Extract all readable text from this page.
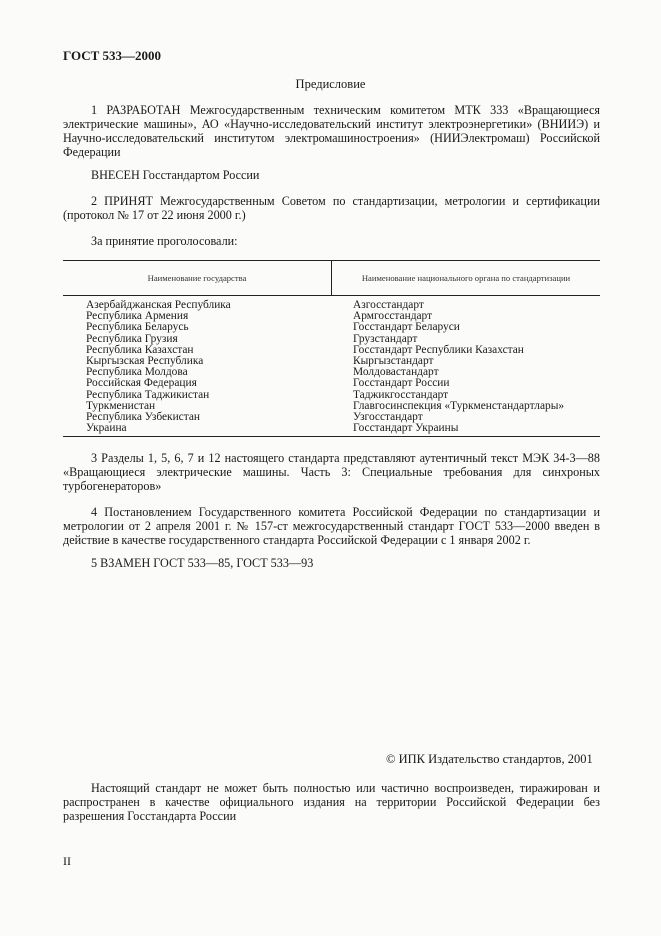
ГОСТ 533—2000
Предисловие

1 РАЗРАБОТАН Межгосударственным техническим комитетом МТК 333 «Вращающиеся электрические машины», АО «Научно-исследовательский институт электроэнергетики» (ВНИИЭ) и Научно-исследовательский институтом электромашиностроения» (НИИЭлектромаш) Российской Федерации

ВНЕСЕН Госстандартом России

2 ПРИНЯТ Межгосударственным Советом по стандартизации, метрологии и сертификации (протокол № 17 от 22 июня 2000 г.)

За принятие проголосовали:

Наименование государства	Наименование национального органа по стандартизации
Азербайджанская Республика
Республика Армения
Республика Беларусь
Республика Грузия
Республика Казахстан
Кыргызская Республика
Республика Молдова
Российская Федерация
Республика Таджикистан
Туркменистан
Республика Узбекистан
Украина
Азгосстандарт
Армгосстандарт
Госстандарт Беларуси
Грузстандарт
Госстандарт Республики Казахстан
Кыргызстандарт
Молдовастандарт
Госстандарт России
Таджикгосстандарт
Главгосинспекция «Туркменстандартлары»
Узгосстандарт
Госстандарт Украины

3 Разделы 1, 5, 6, 7 и 12 настоящего стандарта представляют аутентичный текст МЭК 34-3—88 «Вращающиеся электрические машины. Часть 3: Специальные требования для синхроных турбогенераторов»

4 Постановлением Государственного комитета Российской Федерации по стандартизации и метрологии от 2 апреля 2001 г. № 157-ст межгосударственный стандарт ГОСТ 533—2000 введен в действие в качестве государственного стандарта Российской Федерации с 1 января 2002 г.

5 ВЗАМЕН ГОСТ 533—85, ГОСТ 533—93

© ИПК Издательство стандартов, 2001

Настоящий стандарт не может быть полностью или частично воспроизведен, тиражирован и распространен в качестве официального издания на территории Российской Федерации без разрешения Госстандарта России

II
